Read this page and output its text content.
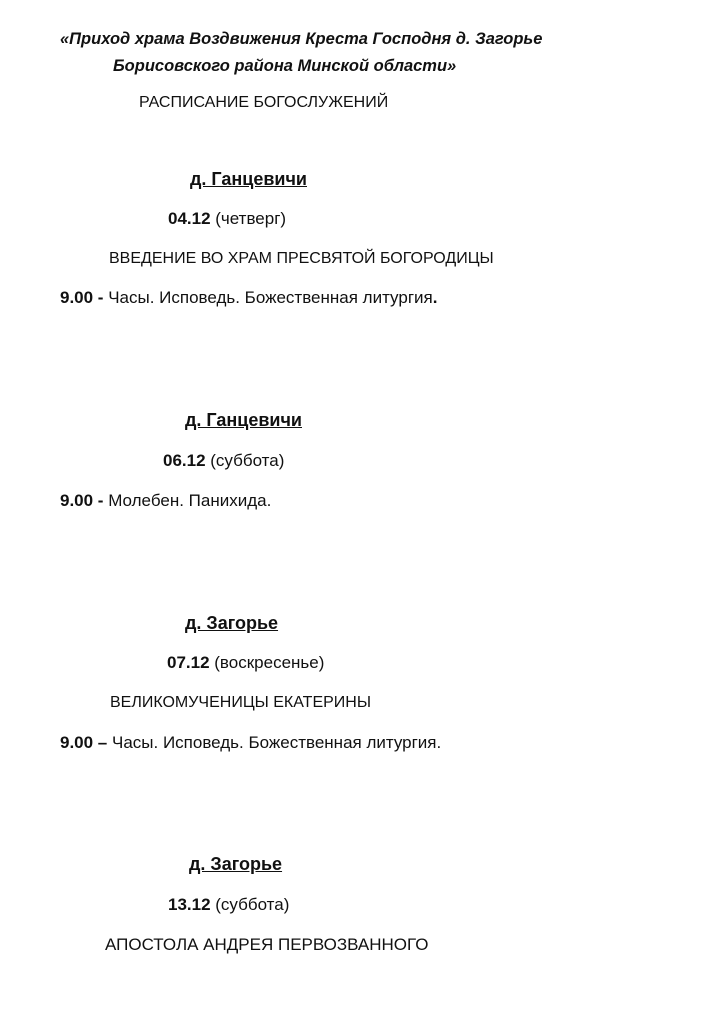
«Приход храма Воздвижения Креста Господня д. Загорье
Борисовского района Минской области»
РАСПИСАНИЕ БОГОСЛУЖЕНИЙ
д. Ганцевичи
04.12 (четверг)
ВВЕДЕНИЕ ВО ХРАМ ПРЕСВЯТОЙ БОГОРОДИЦЫ
9.00 - Часы. Исповедь. Божественная литургия.
д. Ганцевичи
06.12 (суббота)
9.00 - Молебен. Панихида.
д. Загорье
07.12 (воскресенье)
ВЕЛИКОМУЧЕНИЦЫ ЕКАТЕРИНЫ
9.00 – Часы. Исповедь. Божественная литургия.
д. Загорье
13.12 (суббота)
АПОСТОЛА АНДРЕЯ ПЕРВОЗВАННОГО
